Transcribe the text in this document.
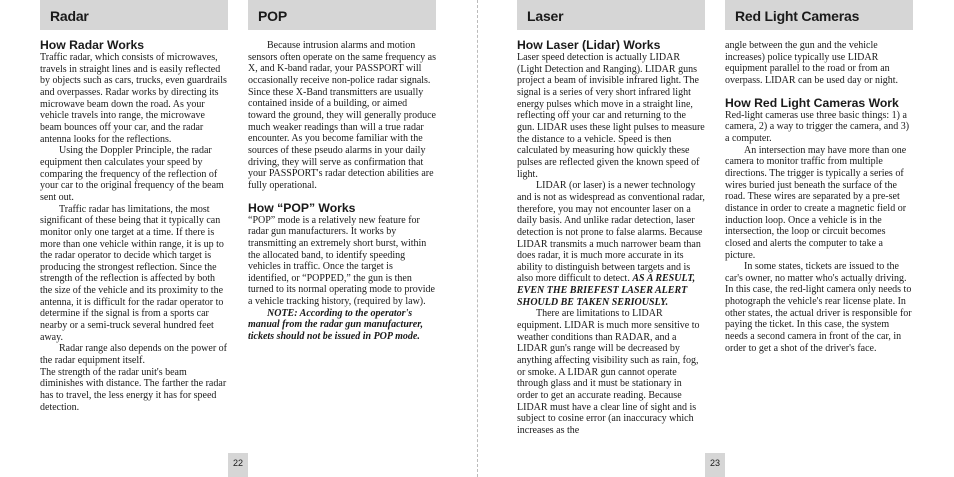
Radar	POP	Laser	Red Light Cameras
How Radar Works

Traffic radar, which consists of microwaves, travels in straight lines and is easily reflected by objects such as cars, trucks, even guardrails and overpasses. Radar works by directing its microwave beam down the road. As your vehicle travels into range, the microwave beam bounces off your car, and the radar antenna looks for the reflections.

Using the Doppler Principle, the radar equipment then calculates your speed by comparing the frequency of the reflection of your car to the original frequency of the beam sent out.

Traffic radar has limitations, the most significant of these being that it typically can monitor only one target at a time. If there is more than one vehicle within range, it is up to the radar operator to decide which target is producing the strongest reflection. Since the strength of the reflection is affected by both the size of the vehicle and its proximity to the antenna, it is difficult for the radar operator to determine if the signal is from a sports car nearby or a semi-truck several hundred feet away.

Radar range also depends on the power of the radar equipment itself.

The strength of the radar unit's beam diminishes with distance. The farther the radar has to travel, the less energy it has for speed detection.

Because intrusion alarms and motion sensors often operate on the same frequency as X, and K-band radar, your PASSPORT will occasionally receive non-police radar signals. Since these X-Band transmitters are usually contained inside of a building, or aimed toward the ground, they will generally produce much weaker readings than will a true radar encounter. As you become familiar with the sources of these pseudo alarms in your daily driving, they will serve as confirmation that your PASSPORT's radar detection abilities are fully operational.

How “POP” Works

“POP” mode is a relatively new feature for radar gun manufacturers. It works by transmitting an extremely short burst, within the allocated band, to identify speeding vehicles in traffic. Once the target is identified, or “POPPED,” the gun is then turned to its normal operating mode to provide a vehicle tracking history, (required by law).

NOTE: According to the operator's manual from the radar gun manufacturer, tickets should not be issued in POP mode.

How Laser (Lidar) Works

Laser speed detection is actually LIDAR (Light Detection and Ranging). LIDAR guns project a beam of invisible infrared light. The signal is a series of very short infrared light energy pulses which move in a straight line, reflecting off your car and returning to the gun. LIDAR uses these light pulses to measure the distance to a vehicle. Speed is then calculated by measuring how quickly these pulses are reflected given the known speed of light.

LIDAR (or laser) is a newer technology and is not as widespread as conventional radar, therefore, you may not encounter laser on a daily basis. And unlike radar detection, laser detection is not prone to false alarms. Because LIDAR transmits a much narrower beam than does radar, it is much more accurate in its ability to distinguish between targets and is also more difficult to detect. AS A RESULT, EVEN THE BRIEFEST LASER ALERT SHOULD BE TAKEN SERIOUSLY.

There are limitations to LIDAR equipment. LIDAR is much more sensitive to weather conditions than RADAR, and a LIDAR gun's range will be decreased by anything affecting visibility such as rain, fog, or smoke. A LIDAR gun cannot operate through glass and it must be stationary in order to get an accurate reading. Because LIDAR must have a clear line of sight and is subject to cosine error (an inaccuracy which increases as the

angle between the gun and the vehicle increases) police typically use LIDAR equipment parallel to the road or from an overpass. LIDAR can be used day or night.

How Red Light Cameras Work

Red-light cameras use three basic things: 1) a camera, 2) a way to trigger the camera, and 3) a computer.

An intersection may have more than one camera to monitor traffic from multiple directions. The trigger is typically a series of wires buried just beneath the surface of the road. These wires are separated by a pre-set distance in order to create a magnetic field or induction loop. Once a vehicle is in the intersection, the loop or circuit becomes closed and alerts the computer to take a picture.

In some states, tickets are issued to the car's owner, no matter who's actually driving. In this case, the red-light camera only needs to photograph the vehicle's rear license plate. In other states, the actual driver is responsible for paying the ticket. In this case, the system needs a second camera in front of the car, in order to get a shot of the driver's face.

22	23
